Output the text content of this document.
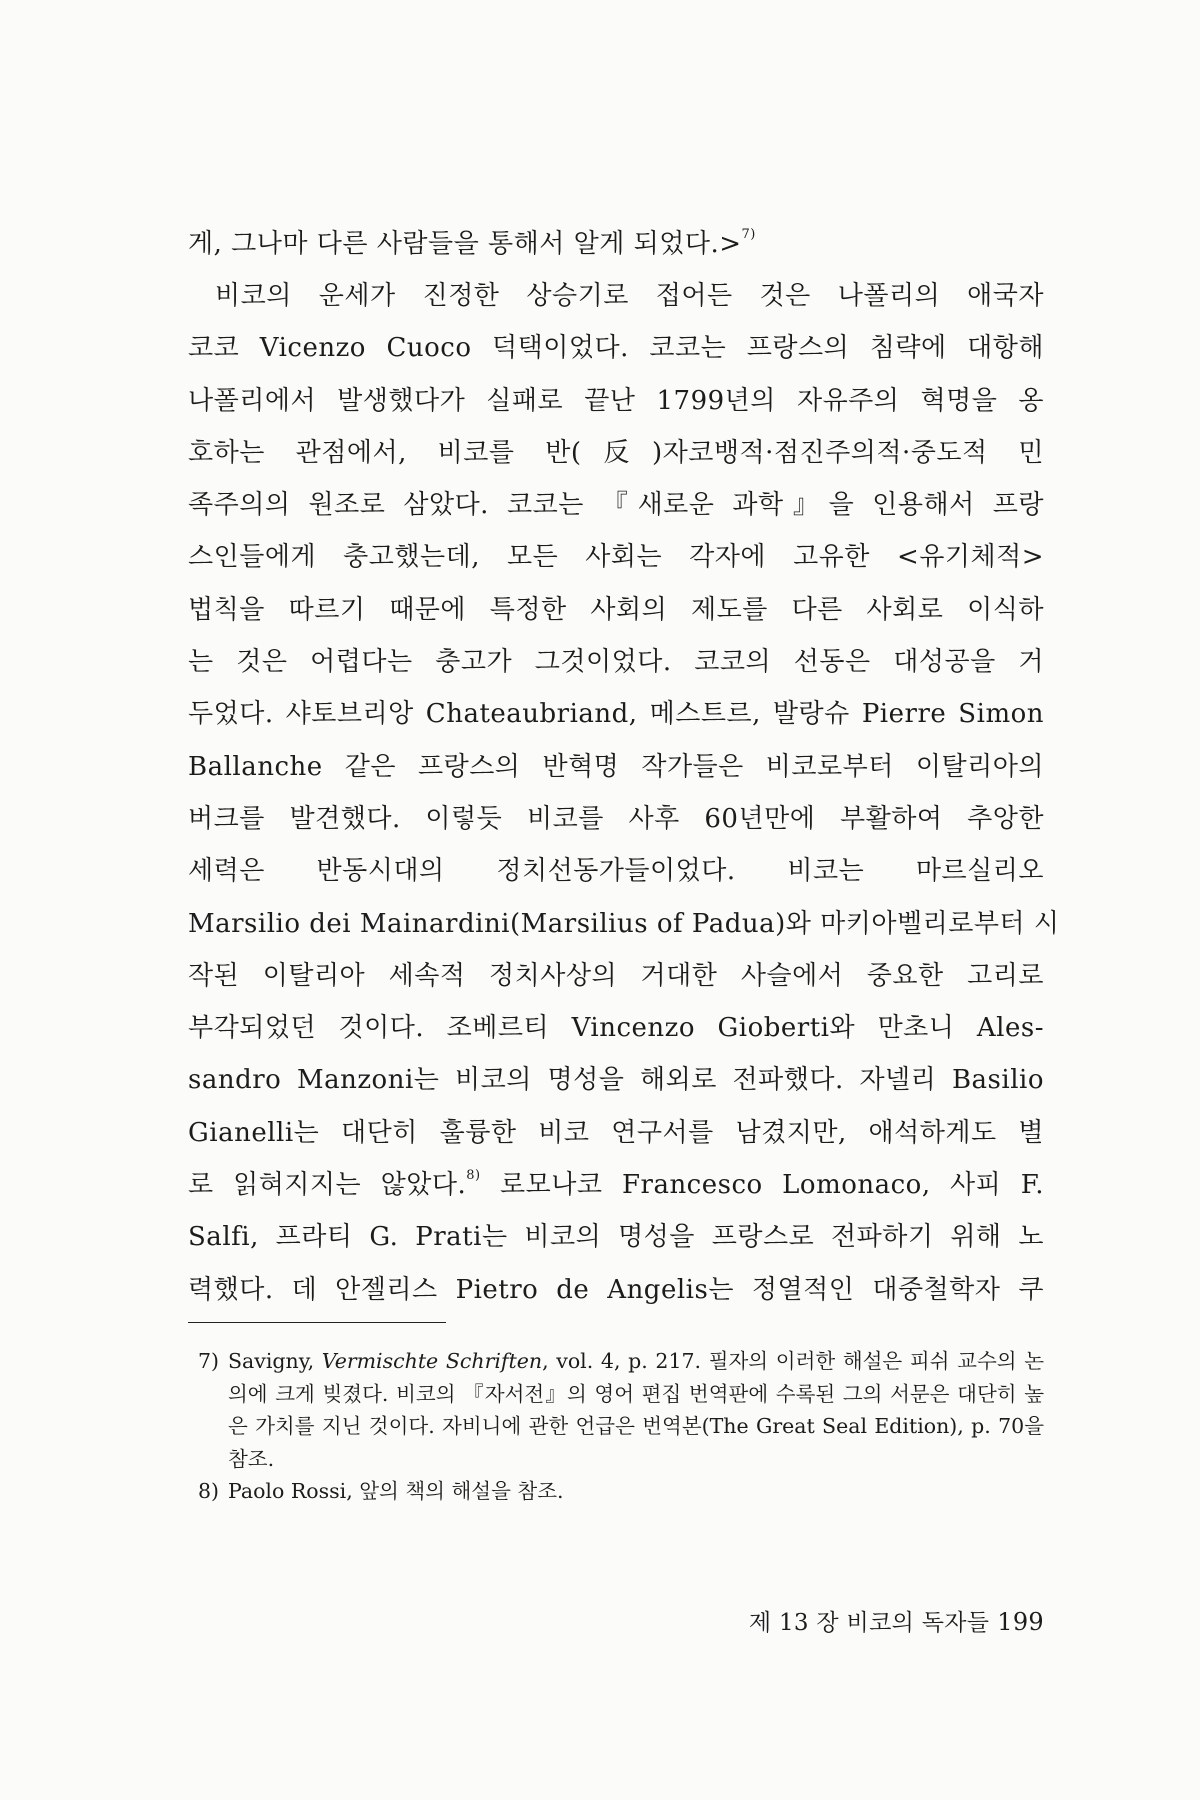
게, 그나마 다른 사람들을 통해서 알게 되었다.>$^{7)}$
비코의 운세가 진정한 상승기로 접어든 것은 나폴리의 애국자
코코 Vicenzo Cuoco 덕택이었다. 코코는 프랑스의 침략에 대항해
나폴리에서 발생했다가 실패로 끝난 1799년의 자유주의 혁명을 옹
호하는 관점에서, 비코를 반(反)자코뱅적·점진주의적·중도적 민
족주의의 원조로 삼았다. 코코는 『새로운 과학』을 인용해서 프랑
스인들에게 충고했는데, 모든 사회는 각자에 고유한 <유기체적>
법칙을 따르기 때문에 특정한 사회의 제도를 다른 사회로 이식하
는 것은 어렵다는 충고가 그것이었다. 코코의 선동은 대성공을 거
두었다. 샤토브리앙 Chateaubriand, 메스트르, 발랑슈 Pierre Simon
Ballanche 같은 프랑스의 반혁명 작가들은 비코로부터 이탈리아의
버크를 발견했다. 이렇듯 비코를 사후 60년만에 부활하여 추앙한
세력은 반동시대의 정치선동가들이었다. 비코는 마르실리오
Marsilio dei Mainardini(Marsilius of Padua)와 마키아벨리로부터 시
작된 이탈리아 세속적 정치사상의 거대한 사슬에서 중요한 고리로
부각되었던 것이다. 조베르티 Vincenzo Gioberti와 만초니 Ales-
sandro Manzoni는 비코의 명성을 해외로 전파했다. 자넬리 Basilio
Gianelli는 대단히 훌륭한 비코 연구서를 남겼지만, 애석하게도 별
로 읽혀지지는 않았다.$^{8)}$ 로모나코 Francesco Lomonaco, 사피 F.
Salfi, 프라티 G. Prati는 비코의 명성을 프랑스로 전파하기 위해 노
력했다. 데 안젤리스 Pietro de Angelis는 정열적인 대중철학자 쿠
7) Savigny, Vermischte Schriften, vol. 4, p. 217. 필자의 이러한 해설은 피쉬 교수의 논의에 크게 빚졌다. 비코의 『자서전』의 영어 편집 번역판에 수록된 그의 서문은 대단히 높은 가치를 지닌 것이다. 자비니에 관한 언급은 번역본(The Great Seal Edition), p. 70을 참조.
8) Paolo Rossi, 앞의 책의 해설을 참조.
제 13 장 비코의 독자들 199
